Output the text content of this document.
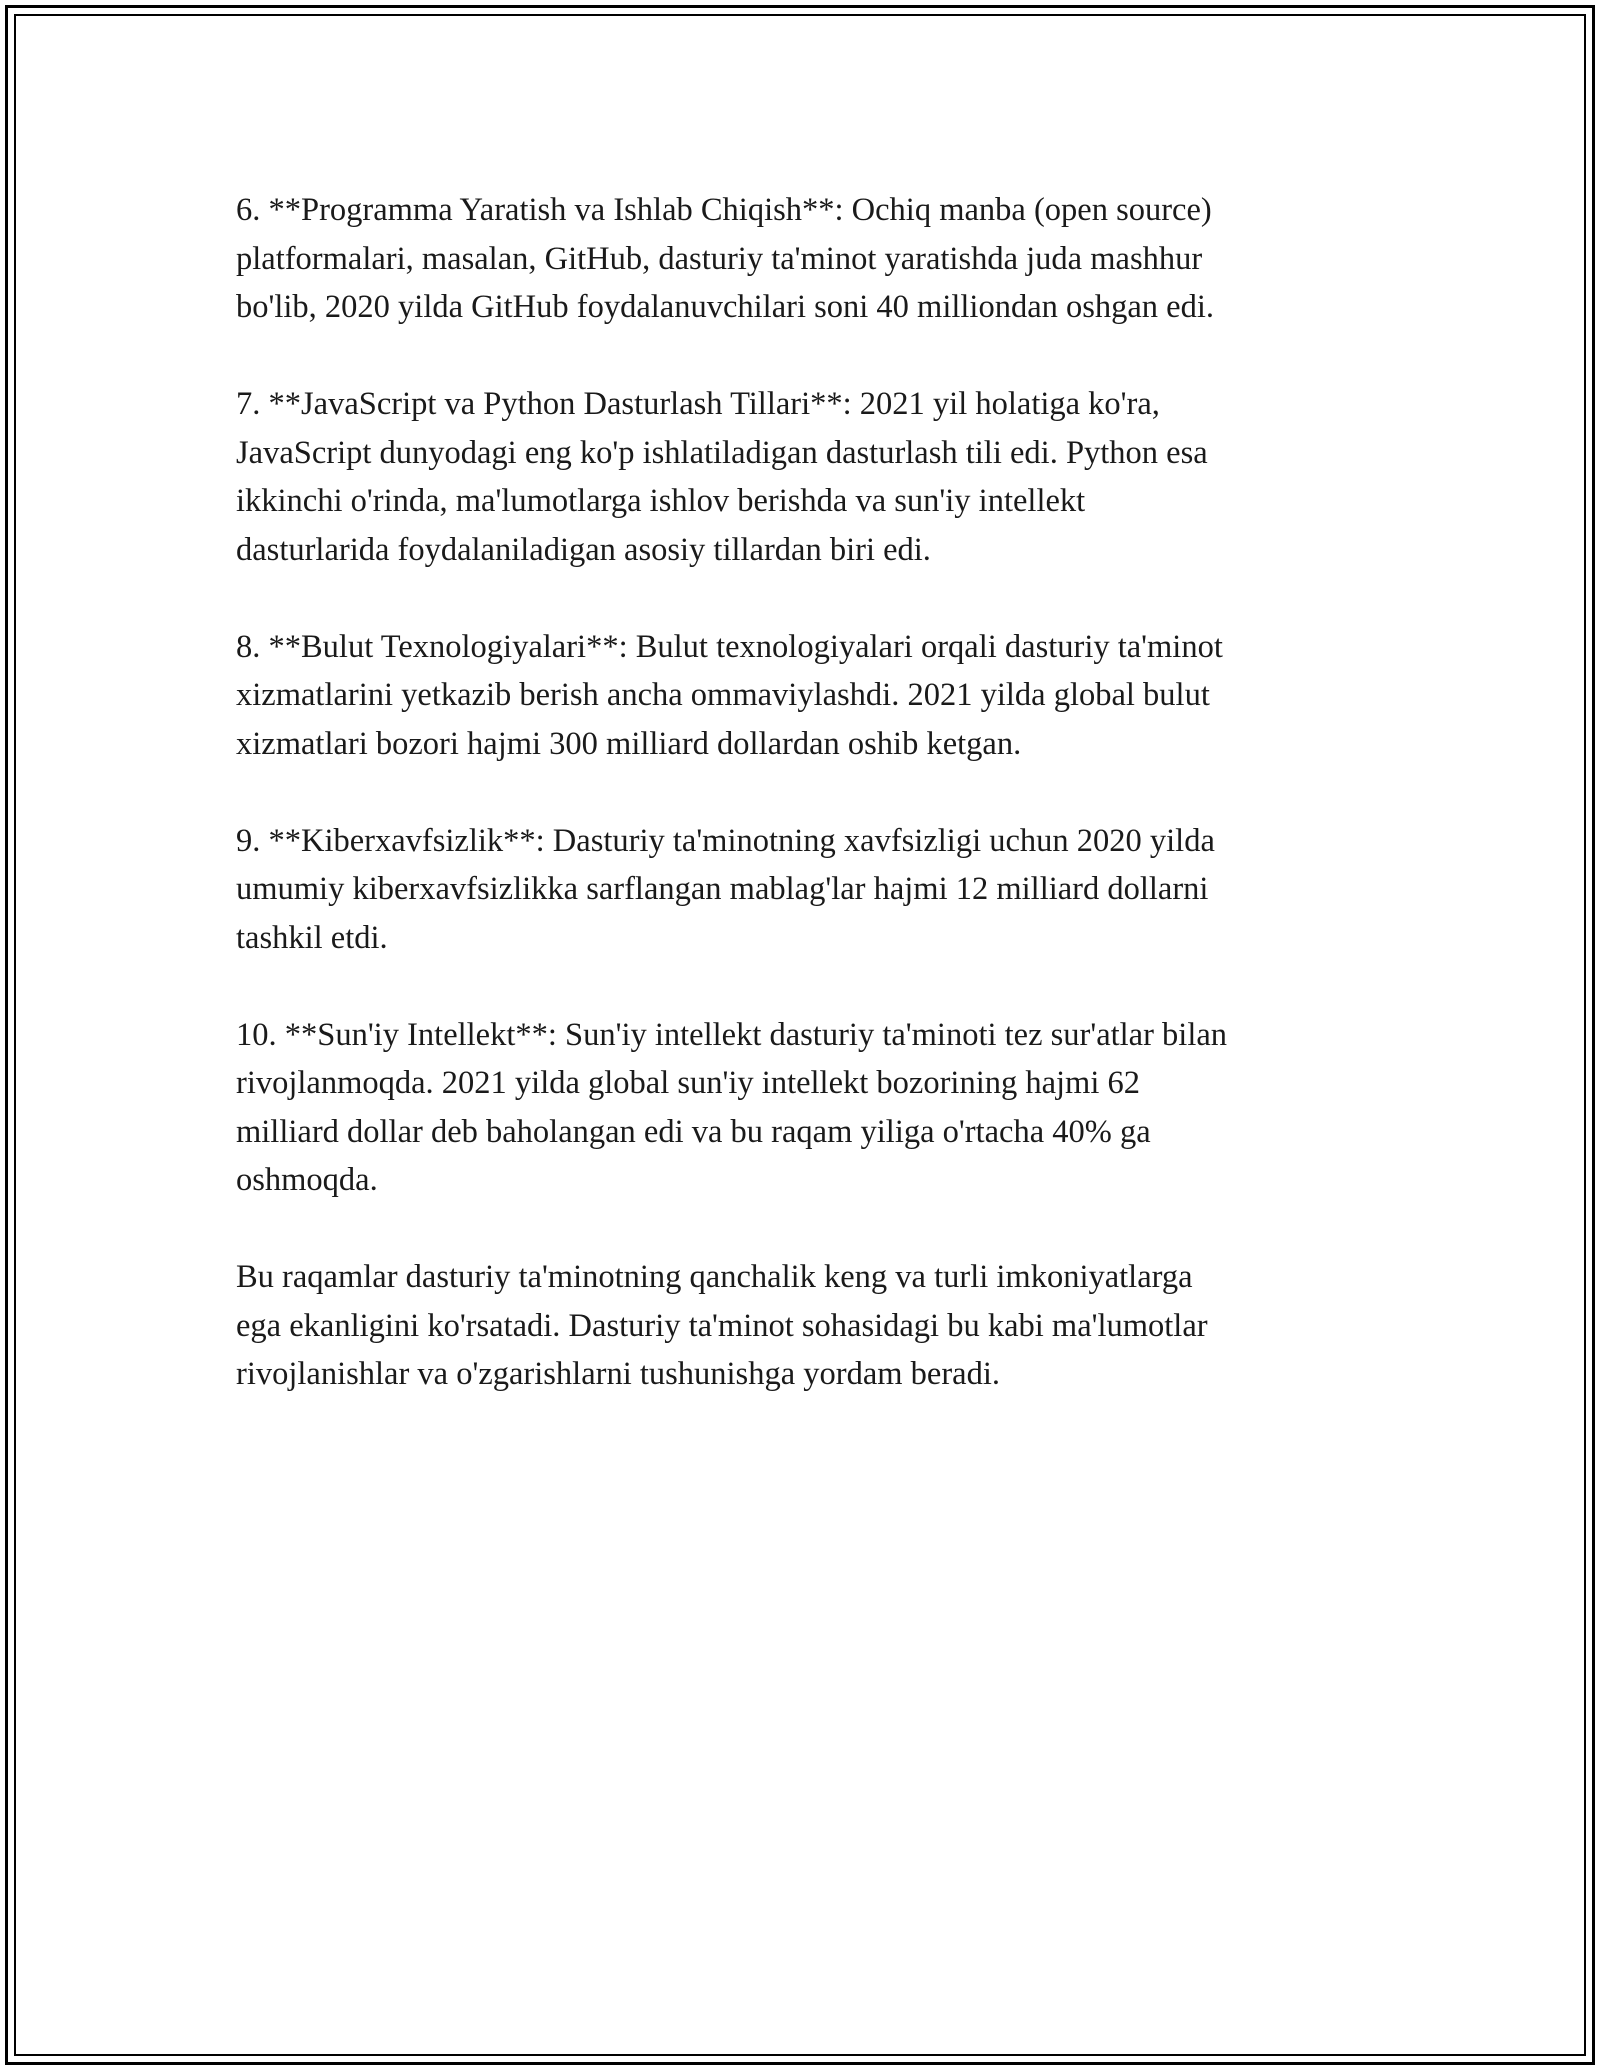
6. **Programma Yaratish va Ishlab Chiqish**: Ochiq manba (open source)
platformalari, masalan, GitHub, dasturiy ta'minot yaratishda juda mashhur
bo'lib, 2020 yilda GitHub foydalanuvchilari soni 40 milliondan oshgan edi.

7. **JavaScript va Python Dasturlash Tillari**: 2021 yil holatiga ko'ra,
JavaScript dunyodagi eng ko'p ishlatiladigan dasturlash tili edi. Python esa
ikkinchi o'rinda, ma'lumotlarga ishlov berishda va sun'iy intellekt
dasturlarida foydalaniladigan asosiy tillardan biri edi.

8. **Bulut Texnologiyalari**: Bulut texnologiyalari orqali dasturiy ta'minot
xizmatlarini yetkazib berish ancha ommaviylashdi. 2021 yilda global bulut
xizmatlari bozori hajmi 300 milliard dollardan oshib ketgan.

9. **Kiberxavfsizlik**: Dasturiy ta'minotning xavfsizligi uchun 2020 yilda
umumiy kiberxavfsizlikka sarflangan mablag'lar hajmi 12 milliard dollarni
tashkil etdi.

10. **Sun'iy Intellekt**: Sun'iy intellekt dasturiy ta'minoti tez sur'atlar bilan
rivojlanmoqda. 2021 yilda global sun'iy intellekt bozorining hajmi 62
milliard dollar deb baholangan edi va bu raqam yiliga o'rtacha 40% ga
oshmoqda.

Bu raqamlar dasturiy ta'minotning qanchalik keng va turli imkoniyatlarga
ega ekanligini ko'rsatadi. Dasturiy ta'minot sohasidagi bu kabi ma'lumotlar
rivojlanishlar va o'zgarishlarni tushunishga yordam beradi.
